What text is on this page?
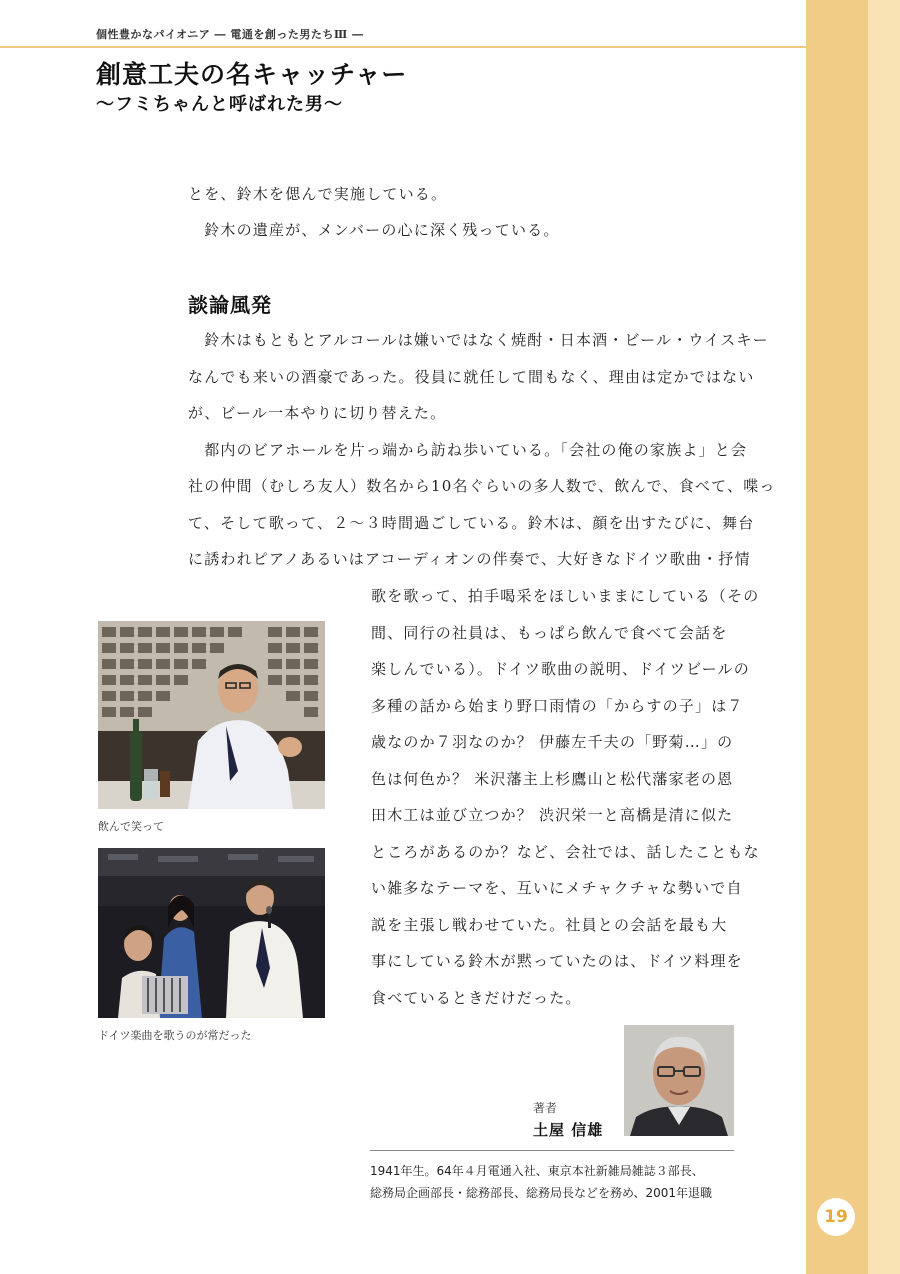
19
個性豊かなパイオニア ― 電通を創った男たちⅢ ―
創意工夫の名キャッチャー
〜フミちゃんと呼ばれた男〜
とを、鈴木を偲んで実施している。
　鈴木の遺産が、メンバーの心に深く残っている。
談論風発
　鈴木はもともとアルコールは嫌いではなく焼酎・日本酒・ビール・ウイスキー
なんでも来いの酒豪であった。役員に就任して間もなく、理由は定かではない
が、ビール一本やりに切り替えた。
　都内のビアホールを片っ端から訪ね歩いている。「会社の俺の家族よ」と会
社の仲間（むしろ友人）数名から10名ぐらいの多人数で、飲んで、食べて、喋っ
て、そして歌って、２〜３時間過ごしている。鈴木は、顔を出すたびに、舞台
に誘われピアノあるいはアコーディオンの伴奏で、大好きなドイツ歌曲・抒情
歌を歌って、拍手喝采をほしいままにしている（その
間、同行の社員は、もっぱら飲んで食べて会話を
楽しんでいる）。ドイツ歌曲の説明、ドイツビールの
多種の話から始まり野口雨情の「からすの子」は７
歳なのか７羽なのか？ 伊藤左千夫の「野菊…」の
色は何色か？ 米沢藩主上杉鷹山と松代藩家老の恩
田木工は並び立つか？ 渋沢栄一と高橋是清に似た
ところがあるのか？など、会社では、話したこともな
い雑多なテーマを、互いにメチャクチャな勢いで自
説を主張し戦わせていた。社員との会話を最も大
事にしている鈴木が黙っていたのは、ドイツ料理を
食べているときだけだった。
飲んで笑って
ドイツ楽曲を歌うのが常だった
著者
土屋 信雄
1941年生。64年４月電通入社、東京本社新雑局雑誌３部長、
総務局企画部長・総務部長、総務局長などを務め、2001年退職
